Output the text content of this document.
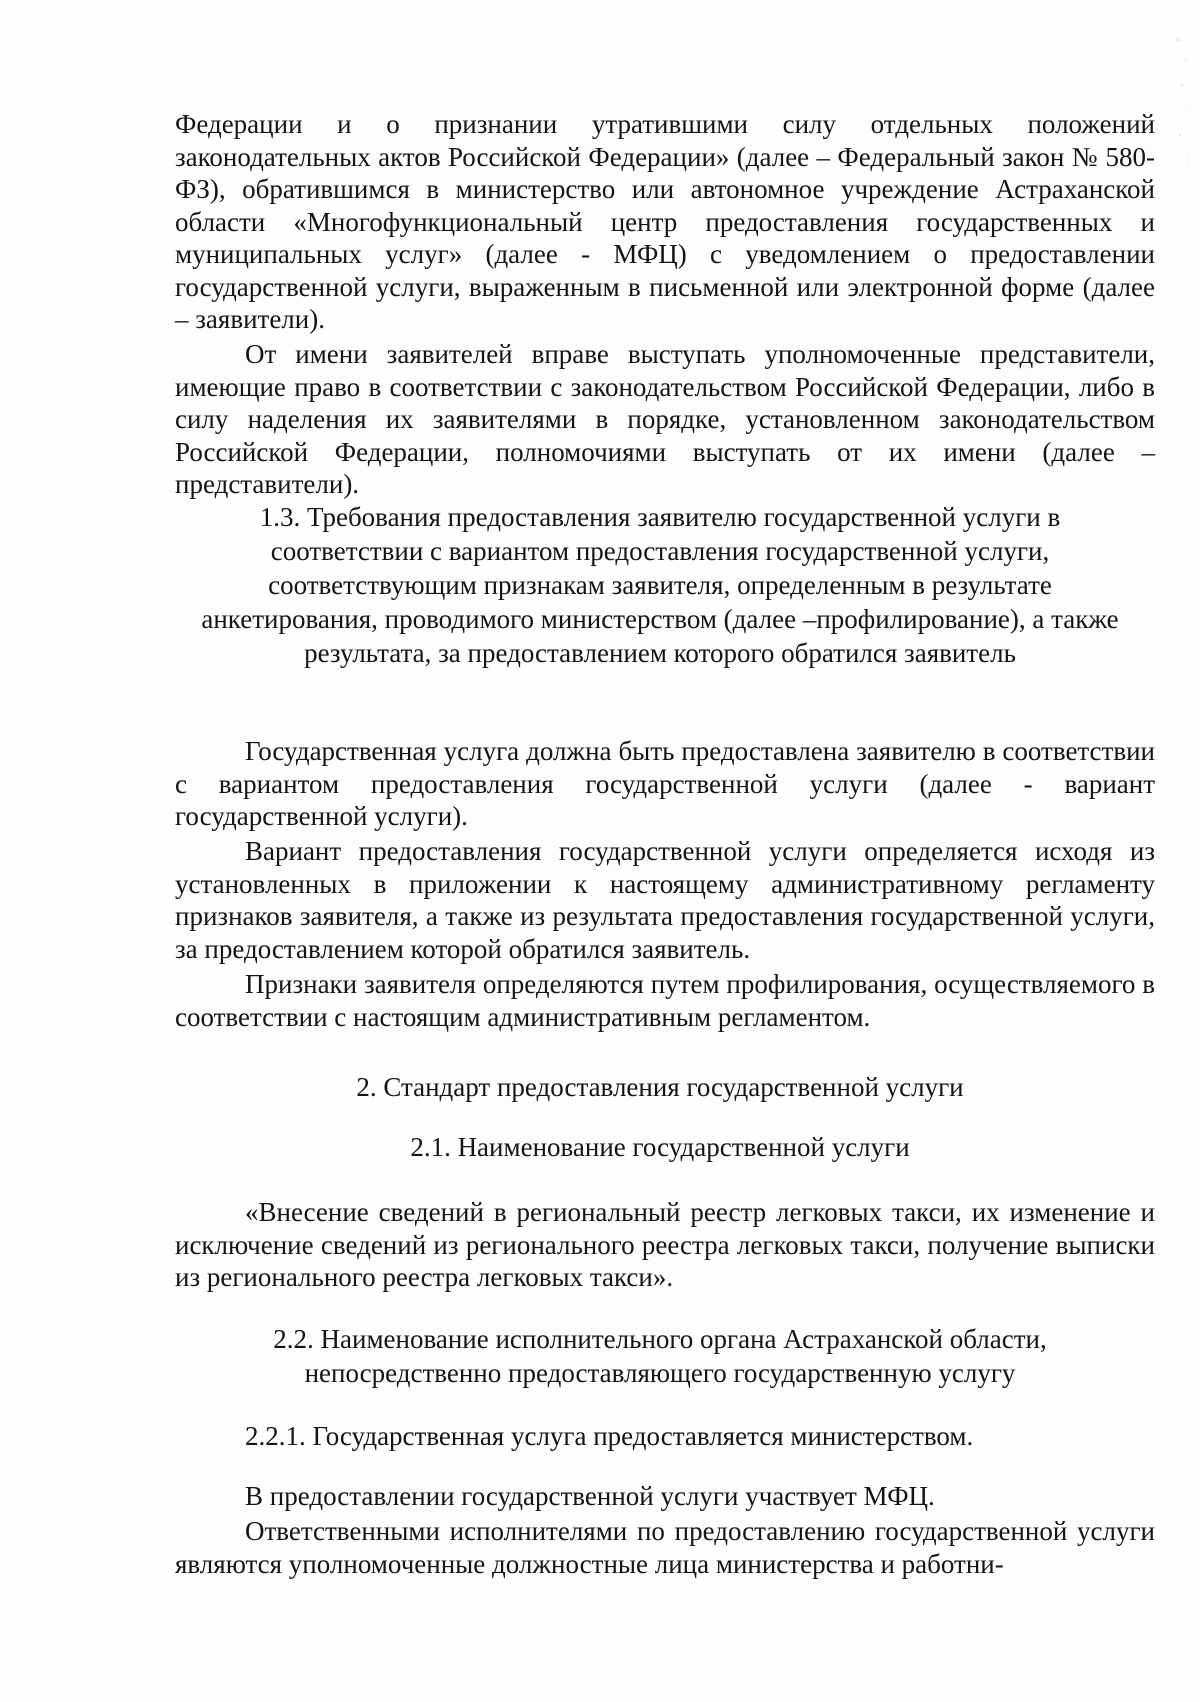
Федерации и о признании утратившими силу отдельных положений законодательных актов Российской Федерации» (далее – Федеральный закон № 580-ФЗ), обратившимся в министерство или автономное учреждение Астраханской области «Многофункциональный центр предоставления государственных и муниципальных услуг» (далее - МФЦ) с уведомлением о предоставлении государственной услуги, выраженным в письменной или электронной форме (далее – заявители).

От имени заявителей вправе выступать уполномоченные представители, имеющие право в соответствии с законодательством Российской Федерации, либо в силу наделения их заявителями в порядке, установленном законодательством Российской Федерации, полномочиями выступать от их имени (далее – представители).

1.3. Требования предоставления заявителю государственной услуги в
соответствии с вариантом предоставления государственной услуги,
соответствующим признакам заявителя, определенным в результате
анкетирования, проводимого министерством (далее –профилирование), а также
результата, за предоставлением которого обратился заявитель

Государственная услуга должна быть предоставлена заявителю в соответствии с вариантом предоставления государственной услуги (далее - вариант государственной услуги).

Вариант предоставления государственной услуги определяется исходя из установленных в приложении к настоящему административному регламенту признаков заявителя, а также из результата предоставления государственной услуги, за предоставлением которой обратился заявитель.

Признаки заявителя определяются путем профилирования, осуществляемого в соответствии с настоящим административным регламентом.

2. Стандарт предоставления государственной услуги
2.1. Наименование государственной услуги

«Внесение сведений в региональный реестр легковых такси, их изменение и исключение сведений из регионального реестра легковых такси, получение выписки из регионального реестра легковых такси».

2.2. Наименование исполнительного органа Астраханской области,
непосредственно предоставляющего государственную услугу

2.2.1. Государственная услуга предоставляется министерством.

В предоставлении государственной услуги участвует МФЦ.

Ответственными исполнителями по предоставлению государственной услуги являются уполномоченные должностные лица министерства и работни-
